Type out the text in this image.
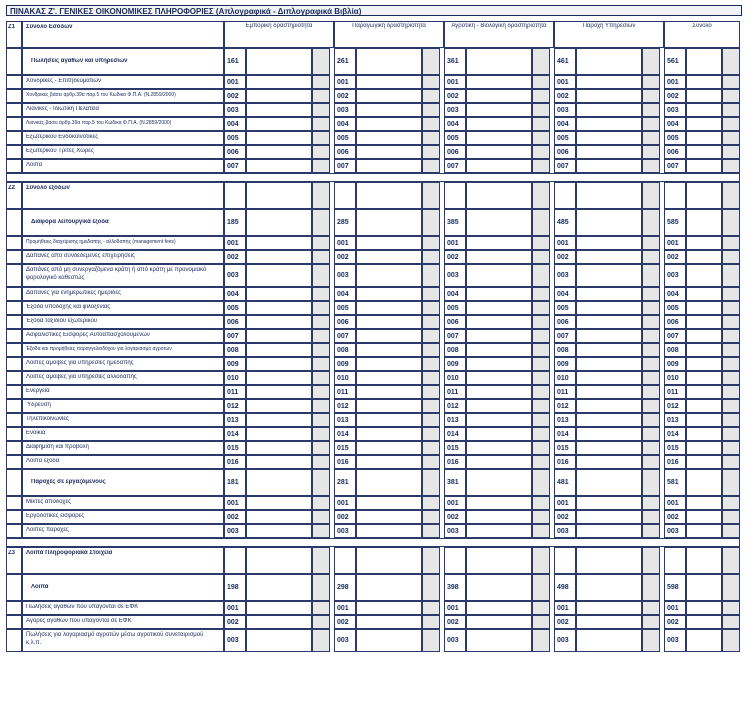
ΠΙΝΑΚΑΣ Ζ'. ΓΕΝΙΚΕΣ ΟΙΚΟΝΟΜΙΚΕΣ ΠΛΗΡΟΦΟΡΙΕΣ (Απλογραφικά - Διπλογραφικά Βιβλία)
Z1	Σύνολο Εσόδων	Εμπορική δραστηριότητα	Παραγωγική δραστηριότητα	Αγροτική - Βιολογική δραστηριότητα	Παροχή Υπηρεσιών	Σύνολο
Πωλήσεις αγαθών και υπηρεσιών	161	261	361	461	561
Χονδρικές - Επιτηδευματιών	001	001	001	001	001
Χονδρικές βάσει άρθρ.39α παρ.5 του Κώδικα Φ.Π.Α. (Ν.2859/2000)	002	002	002	002	002
Λιανικές - Ιδιωτική Πελατεία	003	003	003	003	003
Λιανικές βάσει άρθρ.39α παρ.5 του Κώδικα Φ.Π.Α. (Ν.2859/2000)	004	004	004	004	004
Εξωτερικού Ενδοκοινοτικές	005	005	005	005	005
Εξωτερικού Τρίτες Χώρες	006	006	006	006	006
Λοιπά	007	007	007	007	007
Z2	Σύνολο εξόδων
Διάφορα λειτουργικά έξοδα	185	285	385	485	585
Προμήθειες διαχείρισης ημεδαπής - αλλοδαπής (management fees)	001	001	001	001	001
Δαπάνες από συνδεδεμένες επιχειρήσεις	002	002	002	002	002
Δαπάνες από μη συνεργαζόμενα κράτη ή από κράτη με προνομιακό φορολογικό καθεστώς	003	003	003	003	003
Δαπάνες για ενημερωτικές ημερίδες	004	004	004	004	004
Έξοδα υποδοχής και φιλοξενίας	005	005	005	005	005
Έξοδα ταξιδίου εξωτερικού	006	006	006	006	006
Ασφαλιστικές Εισφορές Αυτοαπασχολούμενων	007	007	007	007	007
Έξοδα και προμήθειες παραγγελιοδόχου για λογαριασμό αγροτών	008	008	008	008	008
Λοιπές αμοιβές για υπηρεσίες ημεδαπής	009	009	009	009	009
Λοιπές αμοιβές για υπηρεσίες αλλοδαπής	010	010	010	010	010
Ενέργεια	011	011	011	011	011
Ύδρευση	012	012	012	012	012
Τηλεπικοινωνίες	013	013	013	013	013
Ενοίκια	014	014	014	014	014
Διαφήμιση και προβολή	015	015	015	015	015
Λοιπά έξοδα	016	016	016	016	016
Παροχές σε εργαζόμενους	181	281	381	481	581
Μικτές αποδοχές	001	001	001	001	001
Εργοδοτικές εισφορές	002	002	002	002	002
Λοιπές παροχές	003	003	003	003	003
Z3	Λοιπά Πληροφοριακά Στοιχεία
Λοιπά	198	298	398	498	598
Πωλήσεις αγαθών που υπάγονται σε ΕΦΚ	001	001	001	001	001
Αγορές αγαθών που υπάγονται σε ΕΦΚ	002	002	002	002	002
Πωλήσεις για λογαριασμό αγροτών μέσω αγροτικού συνεταιρισμού κ.λ.π.	003	003	003	003	003
